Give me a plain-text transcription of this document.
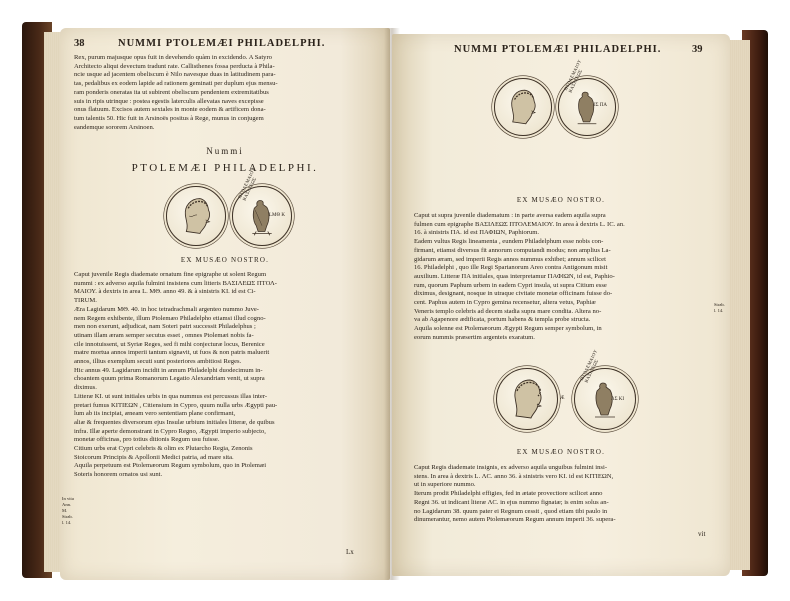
38	NUMMI PTOLEMÆI PHILADELPHI.
Rex, purum majusque opus fuit in devehendo quàm in excidendo. A Satyro
Architecto aliqui devectum tradunt rate. Callisthenes fossa perducta à Phila-
ncie usque ad jacentem obeliscum è Nilo navesque duas in latitudinem para-
tas, pedalibus ex eodem lapide ad rationem geminati per duplum ejus mensu-
ram ponderis oneratas ita ut subirent obeliscum pendentem extremitatibus
suis in ripis utrinque : postea egestis laterculis allevatas naves excepisse
onus flatuum. Excisos autem sextales in monte eodem & artificem dona-
tum talentis 50. Hic fuit in Arsinoës positus à Rege, munus in conjugem
eandemque sororem Arsinoen.
Nummi
PTOLEMÆI PHILADELPHI.
ΠΤΟΛΕΜΑΙΟΥ ΒΑΣΙΛΕΩΣ
LMΘ K
EX MUSÆO NOSTRO.
Caput juvenile Regis diademate ornatum fine epigraphe ut solent Regum
nummi : ex adverso aquila fulmini insistens cum litteris ΒΑΣΙΛΕΩΣ ΠΤΟΛ-
ΜΑΙΟΥ. à dextris in area L. MΘ. anno 49. & à sinistris KI. id est Ci-
TIRUM.
Æra Lagidarum MΘ. 40. in hoc tetradrachmali argenteo nummo Juve-
nem Regem exhibente, illum Ptolemæo Philadelpho etiamsi illud cogno-
men non exerunt, adjudicat, nam Soteri patri successit Philadelphus ;
utinam illam æram semper secutus esset , omnes Ptolemæi nobis fa-
cile innotuissent, ut Syriæ Reges, sed fi mihi conjecturæ locus, Berenice
matre mortua annos imperii tantum signavit, ut fuos & non patris maluerit
annos, illius exemplum secuti sunt posteriores ambitiosi Reges.
Hic annus 49. Lagidarum incidit in annum Philadelphi duodecimum in-
choantem quum prima Romanorum Legatio Alexandriam venit, ut supra
diximus.
Litteræ KI. ut sunt initiales urbis in qua nummus est percussus illas inter-
pretari fumus KITIEΩN , Citiensium in Cypro, quum nulla urbs Ægypti pau-
lum ab iis incipiat, æneam vero sententiam plane confirmant,
aliæ & frequentes diversorum ejus Insulæ urbium initiales litteræ, de quibus
infra. Illæ aperte demonstrant in Cypro Regno, Ægypti imperio subjecto,
monetæ officinas, pro totius ditionis Regum usu fuisse.
Citium urbs erat Cypri celebris & olim ex Plutarcho Regia, Zenonis
Stoicorum Principis & Apollonii Medici patria, ad mare sita.
Aquila perpetuum est Ptolemæorum Regum symbolum, quo in Ptolemæi
Soteris honorem ornatos usi sunt.
In vita Ann. M. Strab. l. 14.
Lx
NUMMI PTOLEMÆI PHILADELPHI.	39
ΠΤΟΛΕΜΑΙΟΥ ΒΑΣΙΛΕΩΣ
IΣ ΠΑ
EX MUSÆO NOSTRO.
Caput ut supra juvenile diadematum : in parte aversa eadem aquila supra
fulmen cum epigraphe ΒΑΣΙΛΕΩΣ ΠΤΟΛΕΜΑΙΟΥ. In area à dextris L. IC. an.
16. à sinistris ΠΑ. id est ΠΑΦΙΩΝ, Paphiorum.
Eadem vultus Regis lineamenta , eundem Philadelphum esse nobis con-
firmant, etiamsi diversus fit annorum computandi modus; non amplius La-
gidarum æram, sed imperii Regis annos nummus exhibet; annum scilicet
16. Philadelphi , quo ille Regi Spartanorum Areo contra Antigonum misit
auxilium. Litteræ ΠΑ initiales, quas interpretamur ΠΑΦΙΩΝ, id est, Paphio-
rum, quorum Paphum urbem in eadem Cypri insula, ut supra Citium esse
diximus, designant, nosque in utraque civitate monetæ officinam fuisse do-
cent. Paphus autem in Cypro gemina recensetur, altera vetus, Paphiæ
Veneris templo celebris ad decem stadia supra mare condita. Altera no-
va ab Agapenore ædificata, portum habens & templa probe structa.
Aquila solenne est Ptolemæorum Ægypti Regum semper symbolum, in
eorum nummis præsertim argenteis exaratum.
Strab. l. 14.
Æ
ΠΤΟΛΕΜΑΙΟΥ ΒΑΣΙΛΕΩΣ
ΛΣ ΚΙ
EX MUSÆO NOSTRO.
Caput Regis diademate insignis, ex adverso aquila unguibus fulmini insi-
stens. In area à dextris L. ΛC. anno 36. à sinistris vero KI. id est KITIEΩN,
ut in superiore nummo.
Iterum prodit Philadelphi effigies, fed in ætate provectiore scilicet anno
Regni 36. ut indicant literæ ΛC. in ejus nummo fignatæ; is enim solus an-
no Lagidarum 38. quum pater ei Regnum cessit , quod etiam tibi paulo in
dinumerantur, nemo autem Ptolemæorum Regum annum imperii 36. supera-
vit
